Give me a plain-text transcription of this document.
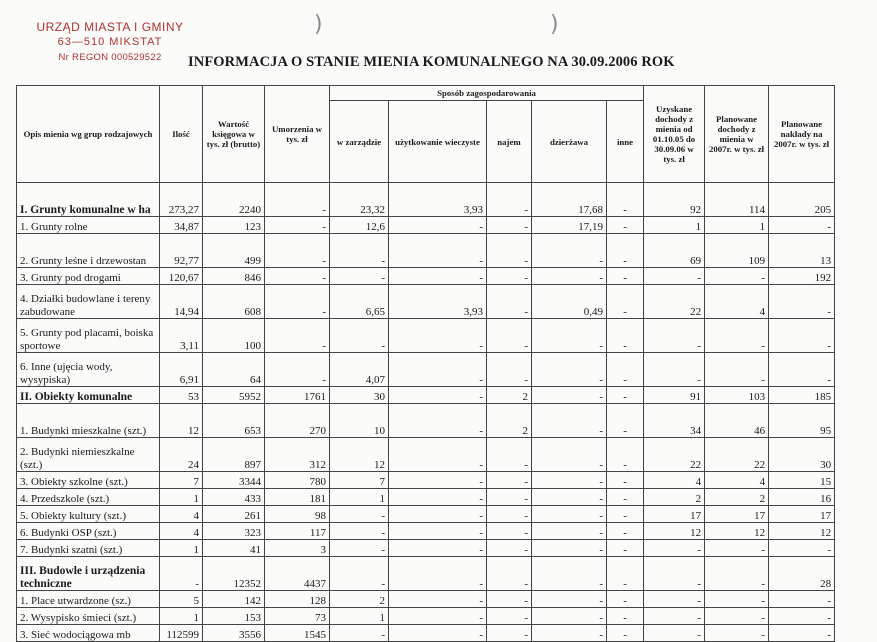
URZĄD MIASTA I GMINY
63—510 MIKSTAT
Nr REGON 000529522
)	)
INFORMACJA O STANIE MIENIA KOMUNALNEGO NA 30.09.2006 ROK
Opis mienia wg grup rodzajowych	Ilość	Wartość księgowa w tys. zł (brutto)	Umorzenia w tys. zł	Sposób zagospodarowania					Uzyskane dochody z mienia od 01.10.05 do 30.09.06 w tys. zł	Planowane dochody z mienia w 2007r. w tys. zł	Planowane nakłady na 2007r. w tys. zł
				w zarządzie	użytkowanie wieczyste	najem	dzierżawa	inne			
I. Grunty komunalne w ha	273,27	2240	-	23,32	3,93	-	17,68	-	92	114	205
1. Grunty rolne	34,87	123	-	12,6	-	-	17,19	-	1	1	-
2. Grunty leśne i drzewostan	92,77	499	-	-	-	-	-	-	69	109	13
3. Grunty pod drogami	120,67	846	-	-	-	-	-	-	-	-	192
4. Działki budowlane i tereny zabudowane	14,94	608	-	6,65	3,93	-	0,49	-	22	4	-
5. Grunty pod placami, boiska sportowe	3,11	100	-	-	-	-	-	-	-	-	-
6. Inne (ujęcia wody, wysypiska)	6,91	64	-	4,07	-	-	-	-	-	-	-
II. Obiekty komunalne	53	5952	1761	30	-	2	-	-	91	103	185
1. Budynki mieszkalne (szt.)	12	653	270	10	-	2	-	-	34	46	95
2. Budynki niemieszkalne (szt.)	24	897	312	12	-	-	-	-	22	22	30
3. Obiekty szkolne (szt.)	7	3344	780	7	-	-	-	-	4	4	15
4. Przedszkole (szt.)	1	433	181	1	-	-	-	-	2	2	16
5. Obiekty kultury (szt.)	4	261	98	-	-	-	-	-	17	17	17
6. Budynki OSP (szt.)	4	323	117	-	-	-	-	-	12	12	12
7. Budynki szatni (szt.)	1	41	3	-	-	-	-	-	-	-	-
III. Budowle i urządzenia techniczne	-	12352	4437	-	-	-	-	-	-	-	28
1. Place utwardzone (sz.)	5	142	128	2	-	-	-	-	-	-	-
2. Wysypisko śmieci (szt.)	1	153	73	1	-	-	-	-	-	-	-
3. Sieć wodociągowa mb	112599	3556	1545	-	-	-	-	-	-	-	-
